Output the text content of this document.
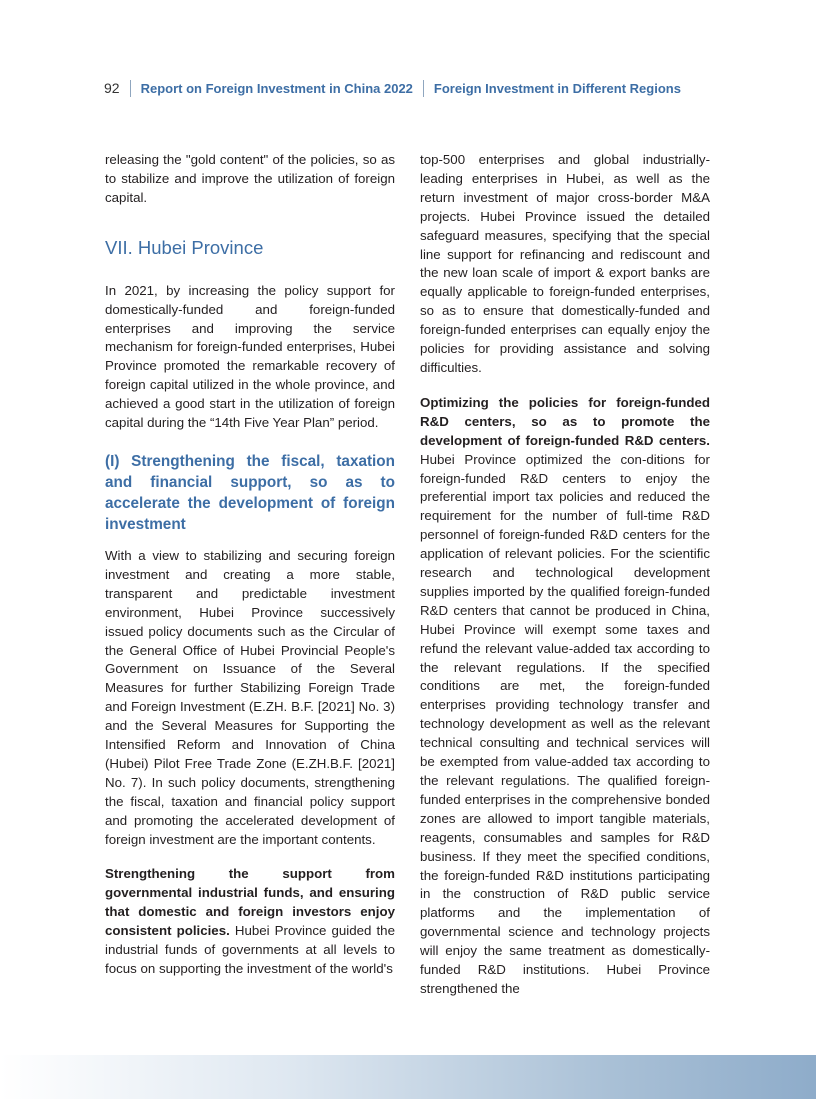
92 Report on Foreign Investment in China 2022 Foreign Investment in Different Regions

releasing the "gold content" of the policies, so as to stabilize and improve the utilization of foreign capital.

VII. Hubei Province

In 2021, by increasing the policy support for domestically-funded and foreign-funded enterprises and improving the service mechanism for foreign-funded enterprises, Hubei Province promoted the remarkable recovery of foreign capital utilized in the whole province, and achieved a good start in the utilization of foreign capital during the “14th Five Year Plan” period.

(I) Strengthening the fiscal, taxation and financial support, so as to accelerate the development of foreign investment

With a view to stabilizing and securing foreign investment and creating a more stable, transparent and predictable investment environment, Hubei Province successively issued policy documents such as the Circular of the General Office of Hubei Provincial People's Government on Issuance of the Several Measures for further Stabilizing Foreign Trade and Foreign Investment (E.ZH. B.F. [2021] No. 3) and the Several Measures for Supporting the Intensified Reform and Innovation of China (Hubei) Pilot Free Trade Zone (E.ZH.B.F. [2021] No. 7). In such policy documents, strengthening the fiscal, taxation and financial policy support and promoting the accelerated development of foreign investment are the important contents.

Strengthening the support from governmental industrial funds, and ensuring that domestic and foreign investors enjoy consistent policies. Hubei Province guided the industrial funds of governments at all levels to focus on supporting the investment of the world's

top-500 enterprises and global industrially-leading enterprises in Hubei, as well as the return investment of major cross-border M&A projects. Hubei Province issued the detailed safeguard measures, specifying that the special line support for refinancing and rediscount and the new loan scale of import & export banks are equally applicable to foreign-funded enterprises, so as to ensure that domestically-funded and foreign-funded enterprises can equally enjoy the policies for providing assistance and solving difficulties.

Optimizing the policies for foreign-funded R&D centers, so as to promote the development of foreign-funded R&D centers. Hubei Province optimized the con-ditions for foreign-funded R&D centers to enjoy the preferential import tax policies and reduced the requirement for the number of full-time R&D personnel of foreign-funded R&D centers for the application of relevant policies. For the scientific research and technological development supplies imported by the qualified foreign-funded R&D centers that cannot be produced in China, Hubei Province will exempt some taxes and refund the relevant value-added tax according to the relevant regulations. If the specified conditions are met, the foreign-funded enterprises providing technology transfer and technology development as well as the relevant technical consulting and technical services will be exempted from value-added tax according to the relevant regulations. The qualified foreign-funded enterprises in the comprehensive bonded zones are allowed to import tangible materials, reagents, consumables and samples for R&D business. If they meet the specified conditions, the foreign-funded R&D institutions participating in the construction of R&D public service platforms and the implementation of governmental science and technology projects will enjoy the same treatment as domestically-funded R&D institutions. Hubei Province strengthened the
